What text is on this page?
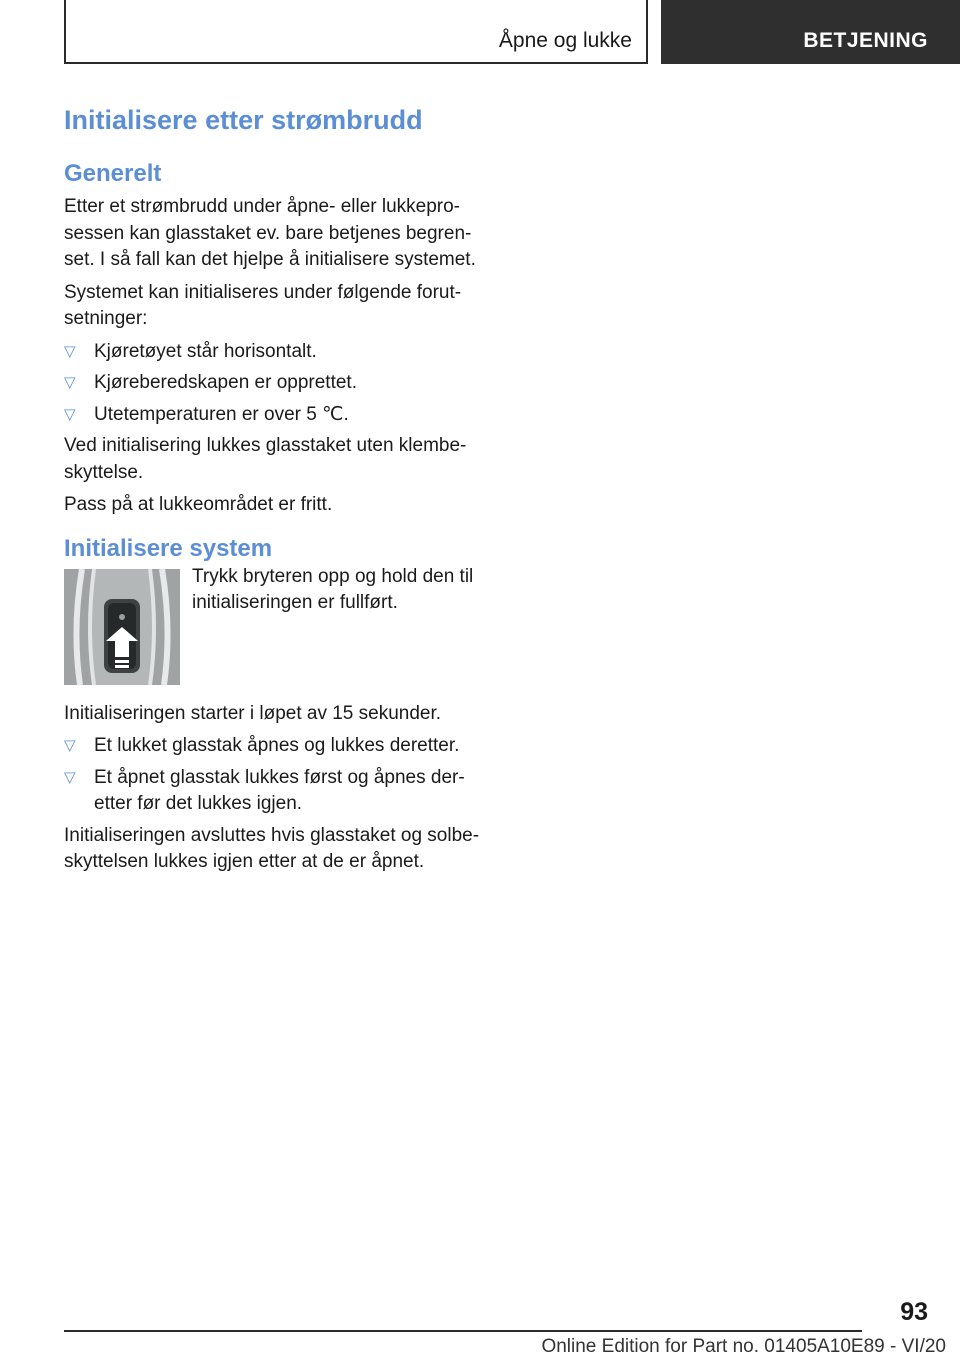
Åpne og lukke	BETJENING
Initialisere etter strømbrudd
Generelt

Etter et strømbrudd under åpne- eller lukkepro-sessen kan glasstaket ev. bare betjenes begren-set. I så fall kan det hjelpe å initialisere systemet.

Systemet kan initialiseres under følgende forut-setninger:

▽ Kjøretøyet står horisontalt.
▽ Kjøreberedskapen er opprettet.
▽ Utetemperaturen er over 5 ℃.

Ved initialisering lukkes glasstaket uten klembe-skyttelse.

Pass på at lukkeområdet er fritt.

Initialisere system
Trykk bryteren opp og hold den til initialiseringen er fullført.

Initialiseringen starter i løpet av 15 sekunder.

▽ Et lukket glasstak åpnes og lukkes deretter.
▽ Et åpnet glasstak lukkes først og åpnes der-etter før det lukkes igjen.

Initialiseringen avsluttes hvis glasstaket og solbe-skyttelsen lukkes igjen etter at de er åpnet.

93
Online Edition for Part no. 01405A10E89 - VI/20
